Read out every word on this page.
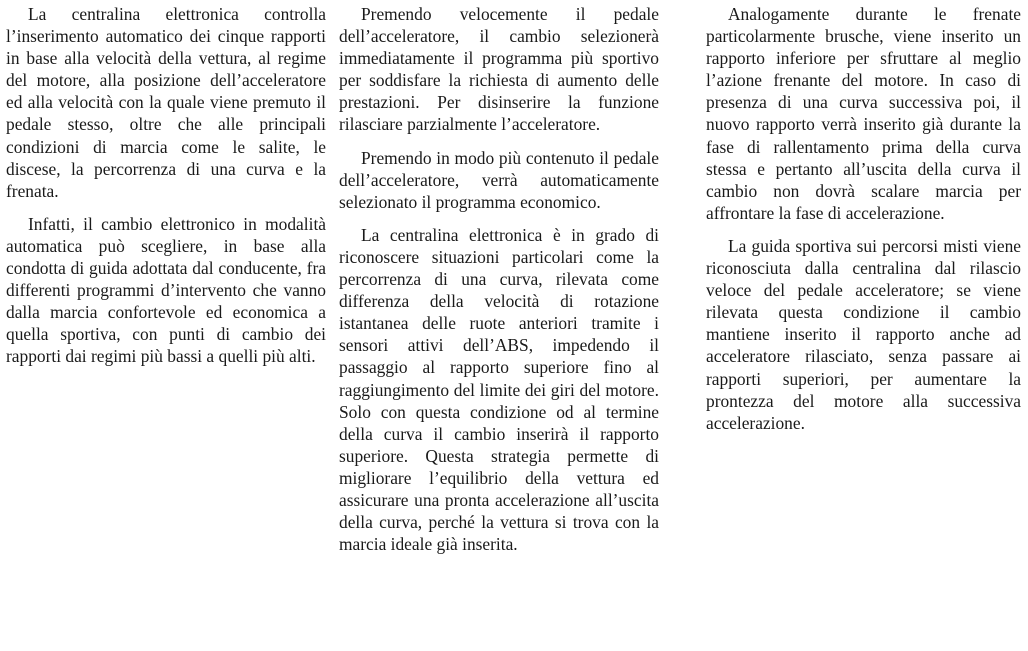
La centralina elettronica controlla l’inserimento automatico dei cinque rapporti in base alla velocità della vettura, al regime del motore, alla posizione dell’acceleratore ed alla velocità con la quale viene premuto il pedale stesso, oltre che alle principali condizioni di marcia come le salite, le discese, la percorrenza di una curva e la frenata.

Infatti, il cambio elettronico in modalità automatica può scegliere, in base alla condotta di guida adottata dal conducente, fra differenti programmi d’intervento che vanno dalla marcia confortevole ed economica a quella sportiva, con punti di cambio dei rapporti dai regimi più bassi a quelli più alti.

Premendo velocemente il pedale dell’acceleratore, il cambio selezionerà immediatamente il programma più sportivo per soddisfare la richiesta di aumento delle prestazioni. Per disinserire la funzione rilasciare parzialmente l’acceleratore.

Premendo in modo più contenuto il pedale dell’acceleratore, verrà automaticamente selezionato il programma economico.

La centralina elettronica è in grado di riconoscere situazioni particolari come la percorrenza di una curva, rilevata come differenza della velocità di rotazione istantanea delle ruote anteriori tramite i sensori attivi dell’ABS, impedendo il passaggio al rapporto superiore fino al raggiungimento del limite dei giri del motore. Solo con questa condizione od al termine della curva il cambio inserirà il rapporto superiore. Questa strategia permette di migliorare l’equilibrio della vettura ed assicurare una pronta accelerazione all’uscita della curva, perché la vettura si trova con la marcia ideale già inserita.

Analogamente durante le frenate particolarmente brusche, viene inserito un rapporto inferiore per sfruttare al meglio l’azione frenante del motore. In caso di presenza di una curva successiva poi, il nuovo rapporto verrà inserito già durante la fase di rallentamento prima della curva stessa e pertanto all’uscita della curva il cambio non dovrà scalare marcia per affrontare la fase di accelerazione.

La guida sportiva sui percorsi misti viene riconosciuta dalla centralina dal rilascio veloce del pedale acceleratore; se viene rilevata questa condizione il cambio mantiene inserito il rapporto anche ad acceleratore rilasciato, senza passare ai rapporti superiori, per aumentare la prontezza del motore alla successiva accelerazione.
